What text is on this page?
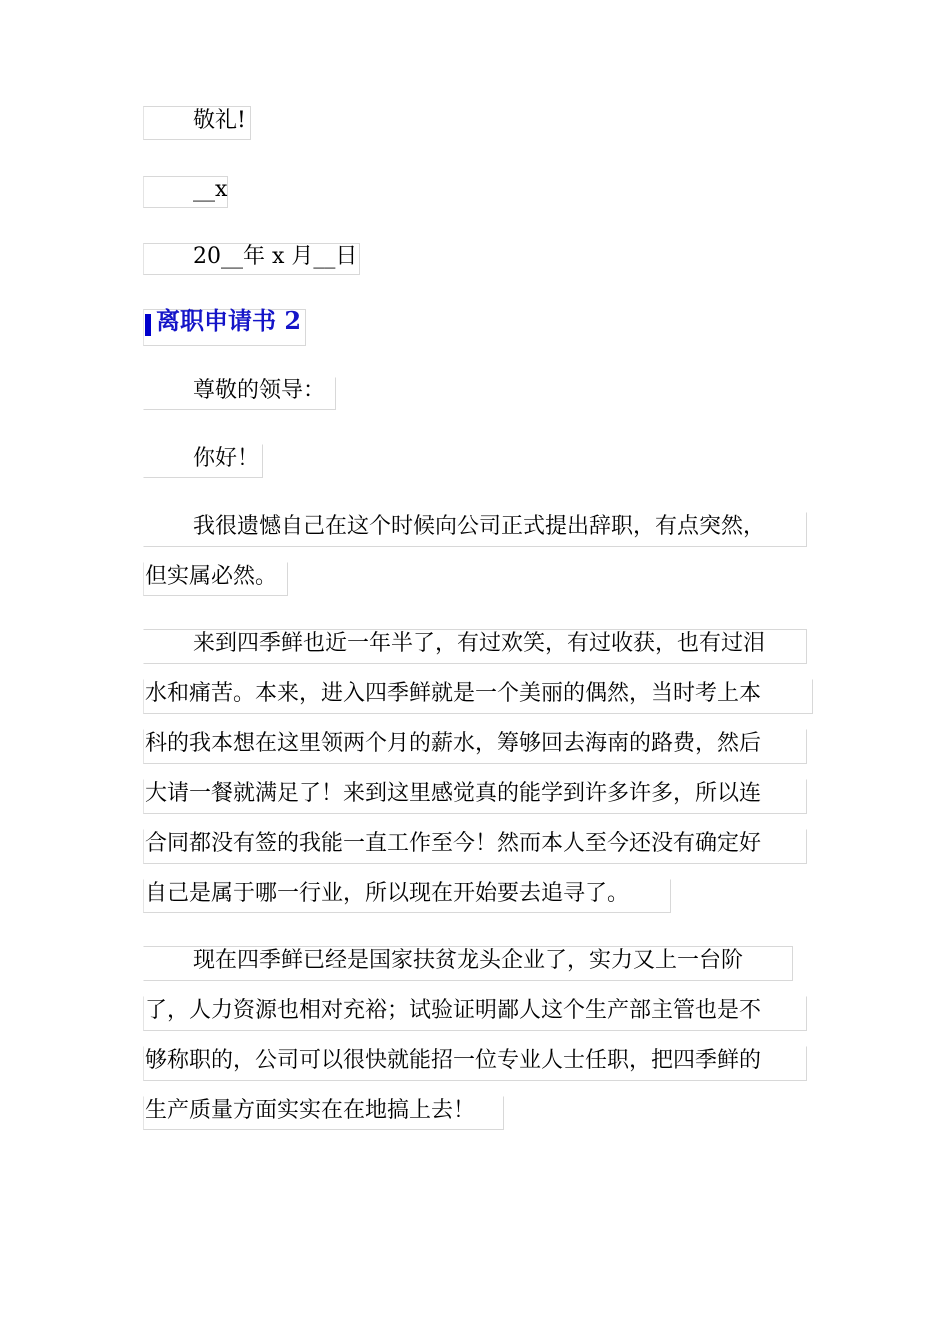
敬礼!
__x
20__年 x 月__日
离职申请书 2
尊敬的领导：
你好！
我很遗憾自己在这个时候向公司正式提出辞职，有点突然，
但实属必然。
来到四季鲜也近一年半了，有过欢笑，有过收获，也有过泪
水和痛苦。本来，进入四季鲜就是一个美丽的偶然，当时考上本
科的我本想在这里领两个月的薪水，筹够回去海南的路费，然后
大请一餐就满足了！来到这里感觉真的能学到许多许多，所以连
合同都没有签的我能一直工作至今！然而本人至今还没有确定好
自己是属于哪一行业，所以现在开始要去追寻了。
现在四季鲜已经是国家扶贫龙头企业了，实力又上一台阶
了，人力资源也相对充裕；试验证明鄙人这个生产部主管也是不
够称职的，公司可以很快就能招一位专业人士任职，把四季鲜的
生产质量方面实实在在地搞上去！
